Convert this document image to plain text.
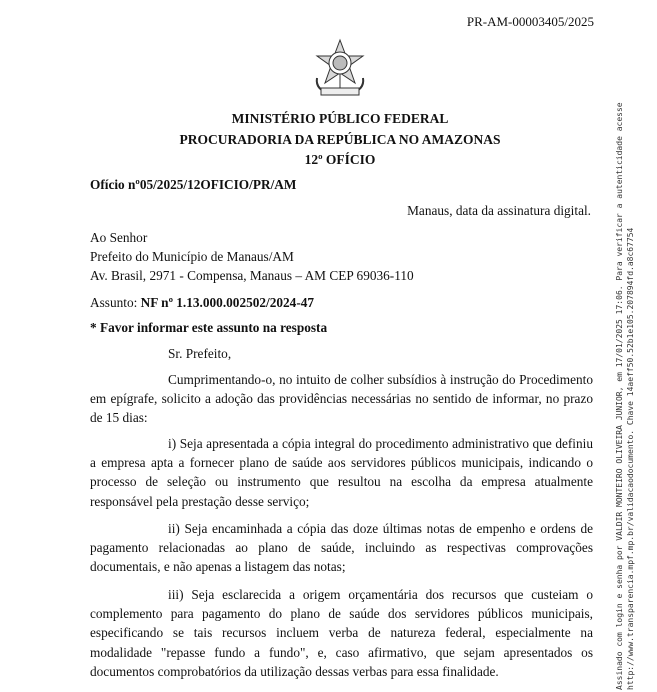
PR-AM-00003405/2025
MINISTÉRIO PÚBLICO FEDERAL
PROCURADORIA DA REPÚBLICA NO AMAZONAS
12º OFÍCIO
Ofício nº05/2025/12OFICIO/PR/AM
Manaus, data da assinatura digital.
Ao Senhor
Prefeito do Município de Manaus/AM
Av. Brasil, 2971 - Compensa, Manaus – AM CEP 69036-110
Assunto: NF nº 1.13.000.002502/2024-47
* Favor informar este assunto na resposta
Sr. Prefeito,
Cumprimentando-o, no intuito de colher subsídios à instrução do Procedimento em epígrafe, solicito a adoção das providências necessárias no sentido de informar, no prazo de 15 dias:
i) Seja apresentada a cópia integral do procedimento administrativo que definiu a empresa apta a fornecer plano de saúde aos servidores públicos municipais, indicando o processo de seleção ou instrumento que resultou na escolha da empresa atualmente responsável pela prestação desse serviço;
ii) Seja encaminhada a cópia das doze últimas notas de empenho e ordens de pagamento relacionadas ao plano de saúde, incluindo as respectivas comprovações documentais, e não apenas a listagem das notas;
iii) Seja esclarecida a origem orçamentária dos recursos que custeiam o complemento para pagamento do plano de saúde dos servidores públicos municipais, especificando se tais recursos incluem verba de natureza federal, especialmente na modalidade "repasse fundo a fundo", e, caso afirmativo, que sejam apresentados os documentos comprobatórios da utilização dessas verbas para essa finalidade.	Assinado com login e senha por VALDIR MONTEIRO OLIVEIRA JUNIOR, em 17/01/2025 17:06. Para verificar a autenticidade acesse http://www.transparencia.mpf.mp.br/validacaodocumento. Chave 14aeff50.52b1e105.207894fd.a8c67754
